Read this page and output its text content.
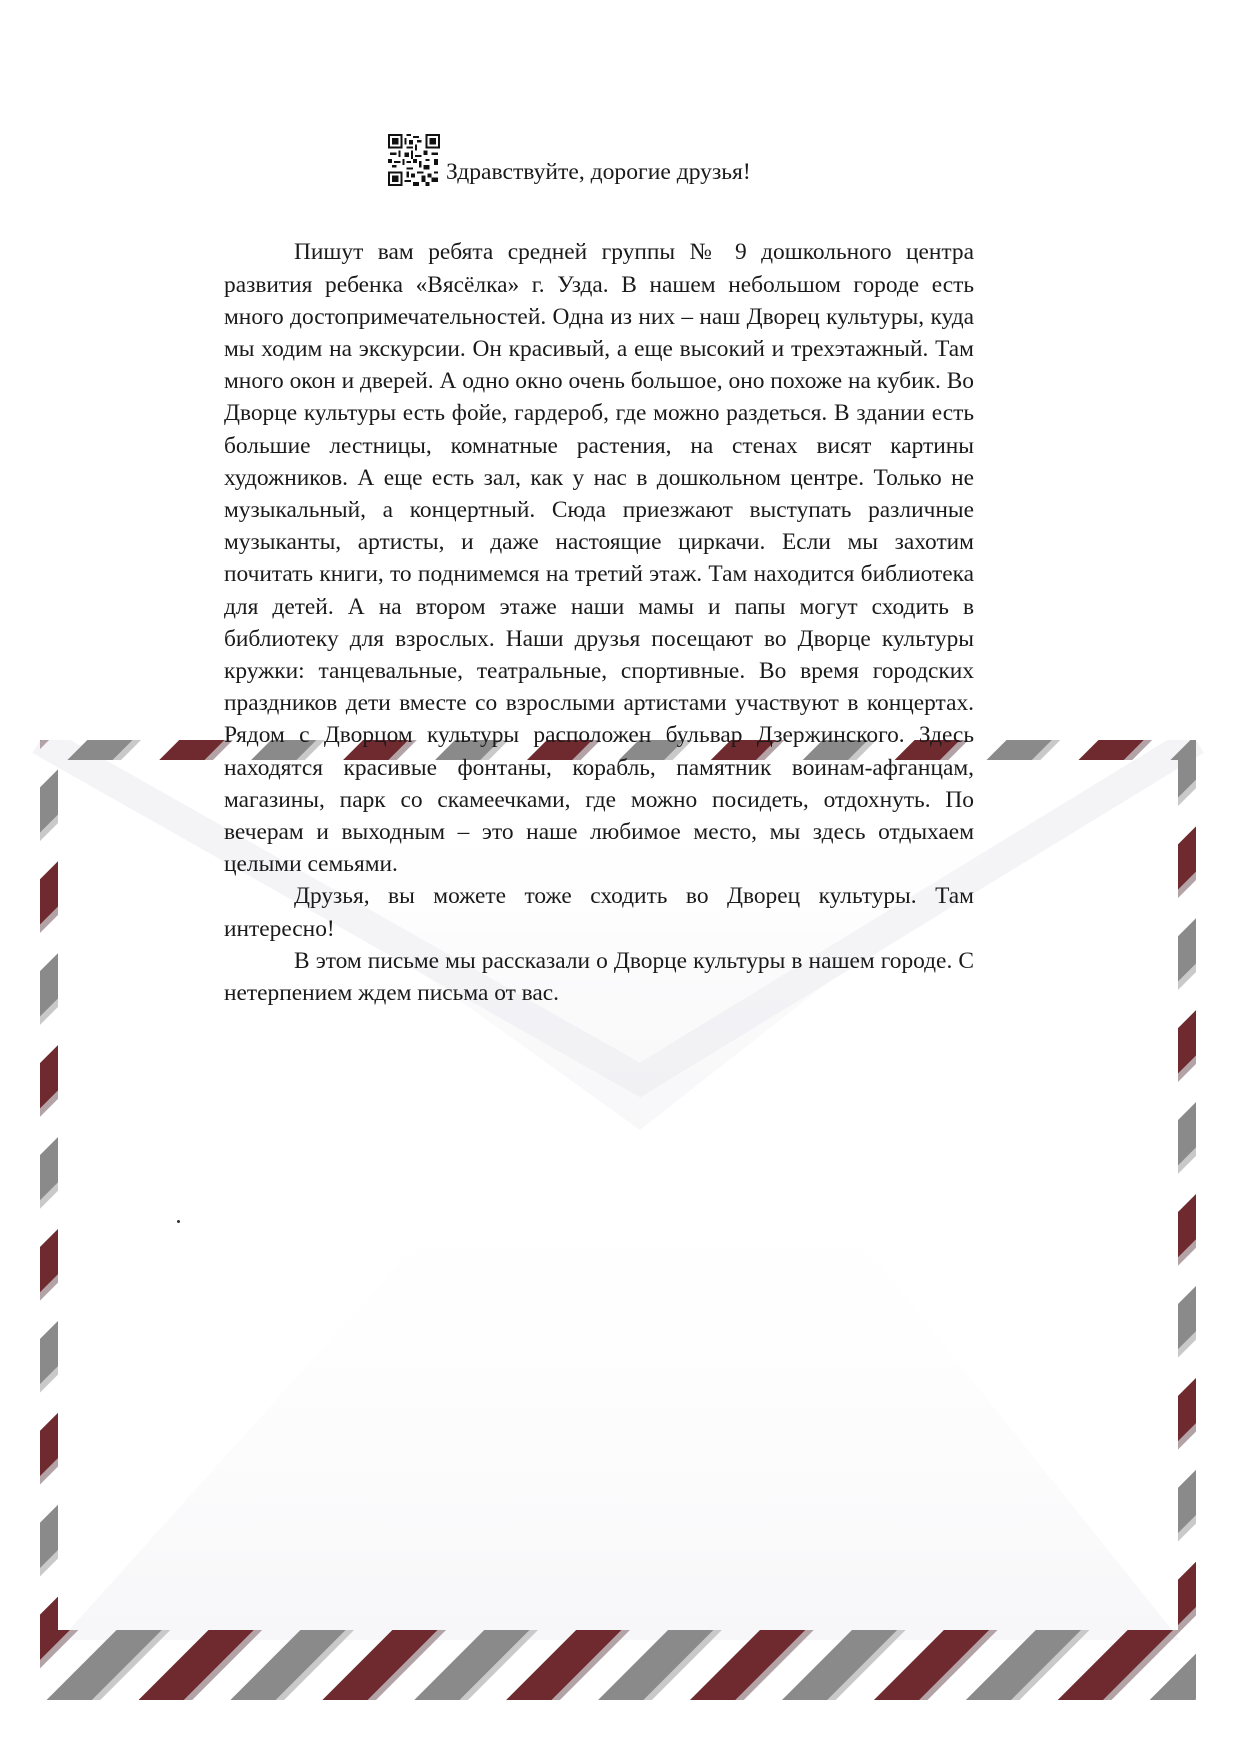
Здравствуйте, дорогие друзья!

Пишут вам ребята средней группы № 9 дошкольного центра развития ребенка «Вясёлка» г. Узда. В нашем небольшом городе есть много достопримечательностей. Одна из них – наш Дворец культуры, куда мы ходим на экскурсии. Он красивый, а еще высокий и трехэтажный. Там много окон и дверей. А одно окно очень большое, оно похоже на кубик. Во Дворце культуры есть фойе, гардероб, где можно раздеться. В здании есть большие лестницы, комнатные растения, на стенах висят картины художников. А еще есть зал, как у нас в дошкольном центре. Только не музыкальный, а концертный. Сюда приезжают выступать различные музыканты, артисты, и даже настоящие циркачи. Если мы захотим почитать книги, то поднимемся на третий этаж. Там находится библиотека для детей. А на втором этаже наши мамы и папы могут сходить в библиотеку для взрослых. Наши друзья посещают во Дворце культуры кружки: танцевальные, театральные, спортивные. Во время городских праздников дети вместе со взрослыми артистами участвуют в концертах. Рядом с Дворцом культуры расположен бульвар Дзержинского. Здесь находятся красивые фонтаны, корабль, памятник воинам-афганцам, магазины, парк со скамеечками, где можно посидеть, отдохнуть. По вечерам и выходным – это наше любимое место, мы здесь отдыхаем целыми семьями.

Друзья, вы можете тоже сходить во Дворец культуры. Там интересно!

В этом письме мы рассказали о Дворце культуры в нашем городе. С нетерпением ждем письма от вас.
